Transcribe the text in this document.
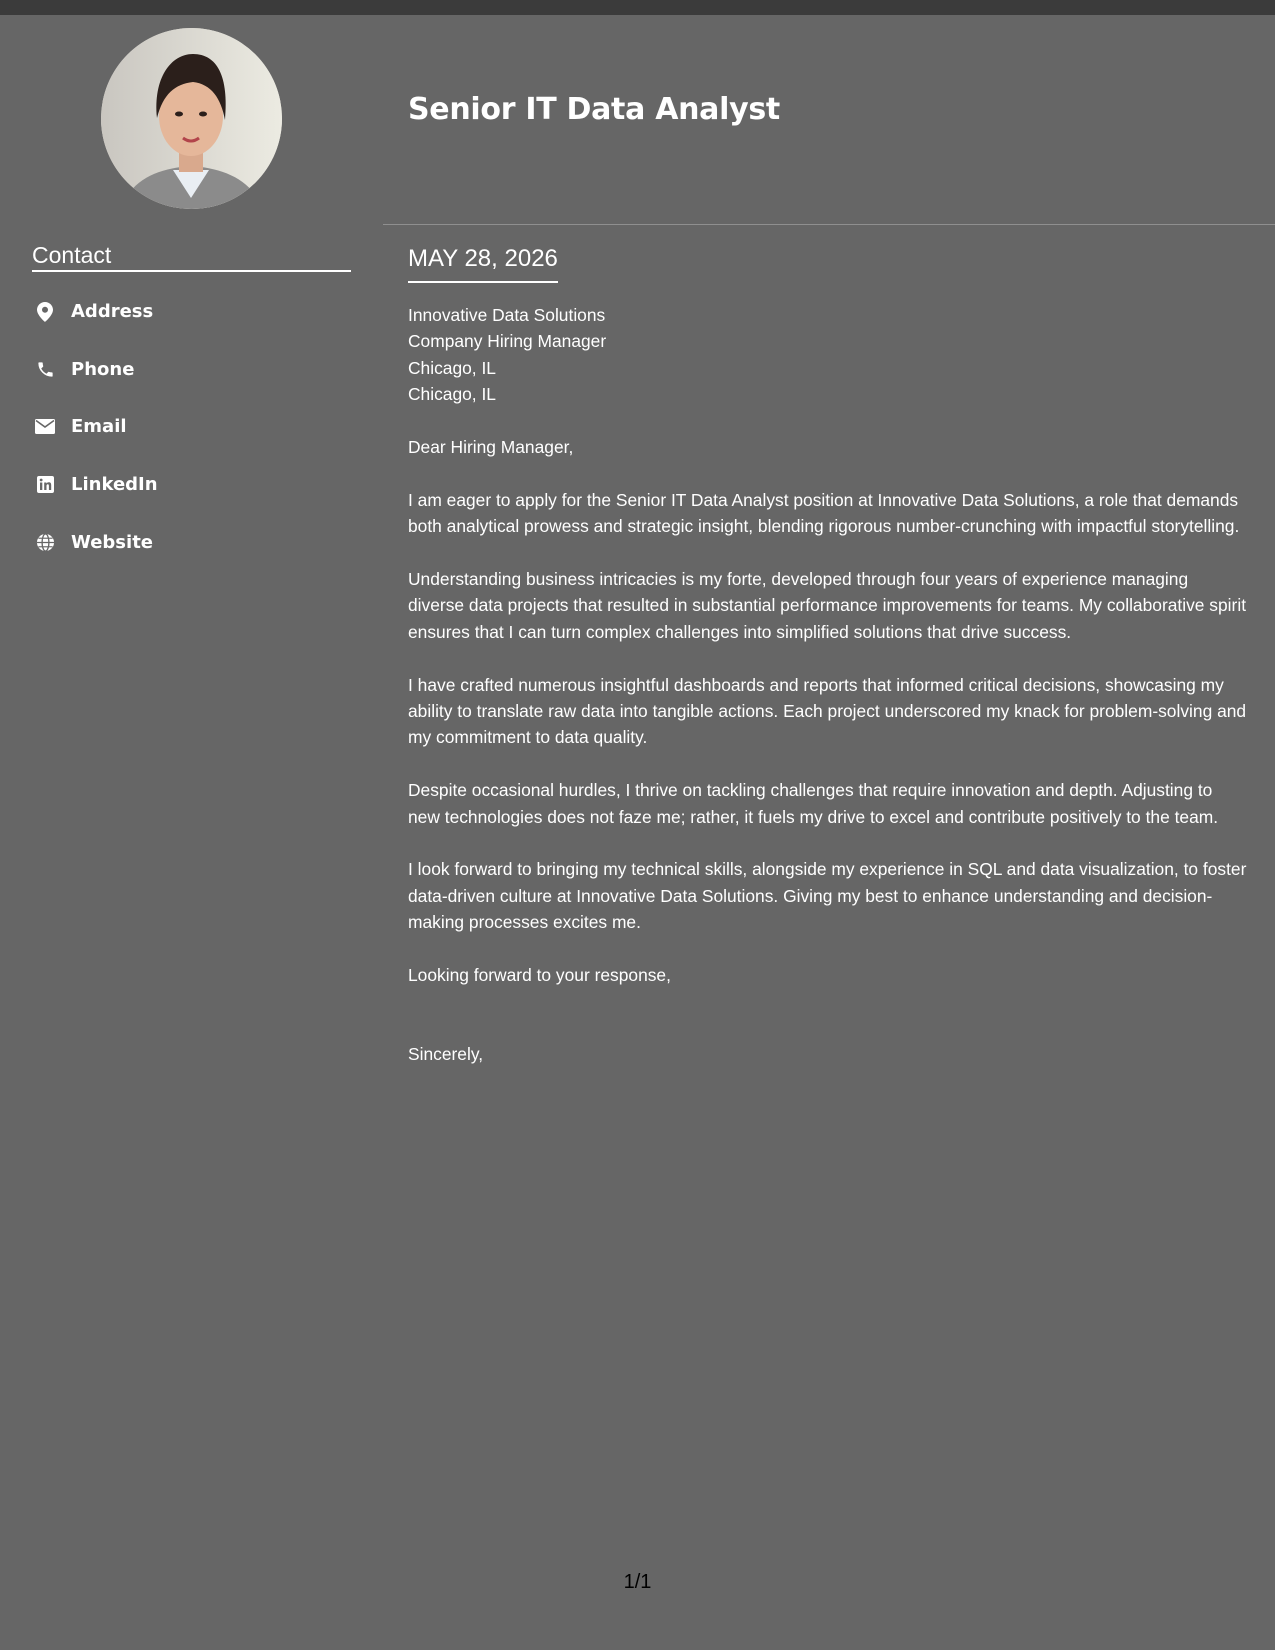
Contact
Address
Phone
Email
LinkedIn
Website
Senior IT Data Analyst
MAY 28, 2026
Innovative Data Solutions
Company Hiring Manager
Chicago, IL
Chicago, IL

Dear Hiring Manager,

I am eager to apply for the Senior IT Data Analyst position at Innovative Data Solutions, a role that demands both analytical prowess and strategic insight, blending rigorous number-crunching with impactful storytelling.

Understanding business intricacies is my forte, developed through four years of experience managing diverse data projects that resulted in substantial performance improvements for teams. My collaborative spirit ensures that I can turn complex challenges into simplified solutions that drive success.

I have crafted numerous insightful dashboards and reports that informed critical decisions, showcasing my ability to translate raw data into tangible actions. Each project underscored my knack for problem-solving and my commitment to data quality.

Despite occasional hurdles, I thrive on tackling challenges that require innovation and depth. Adjusting to new technologies does not faze me; rather, it fuels my drive to excel and contribute positively to the team.

I look forward to bringing my technical skills, alongside my experience in SQL and data visualization, to foster data-driven culture at Innovative Data Solutions. Giving my best to enhance understanding and decision-making processes excites me.

Looking forward to your response,

Sincerely,

1/1
